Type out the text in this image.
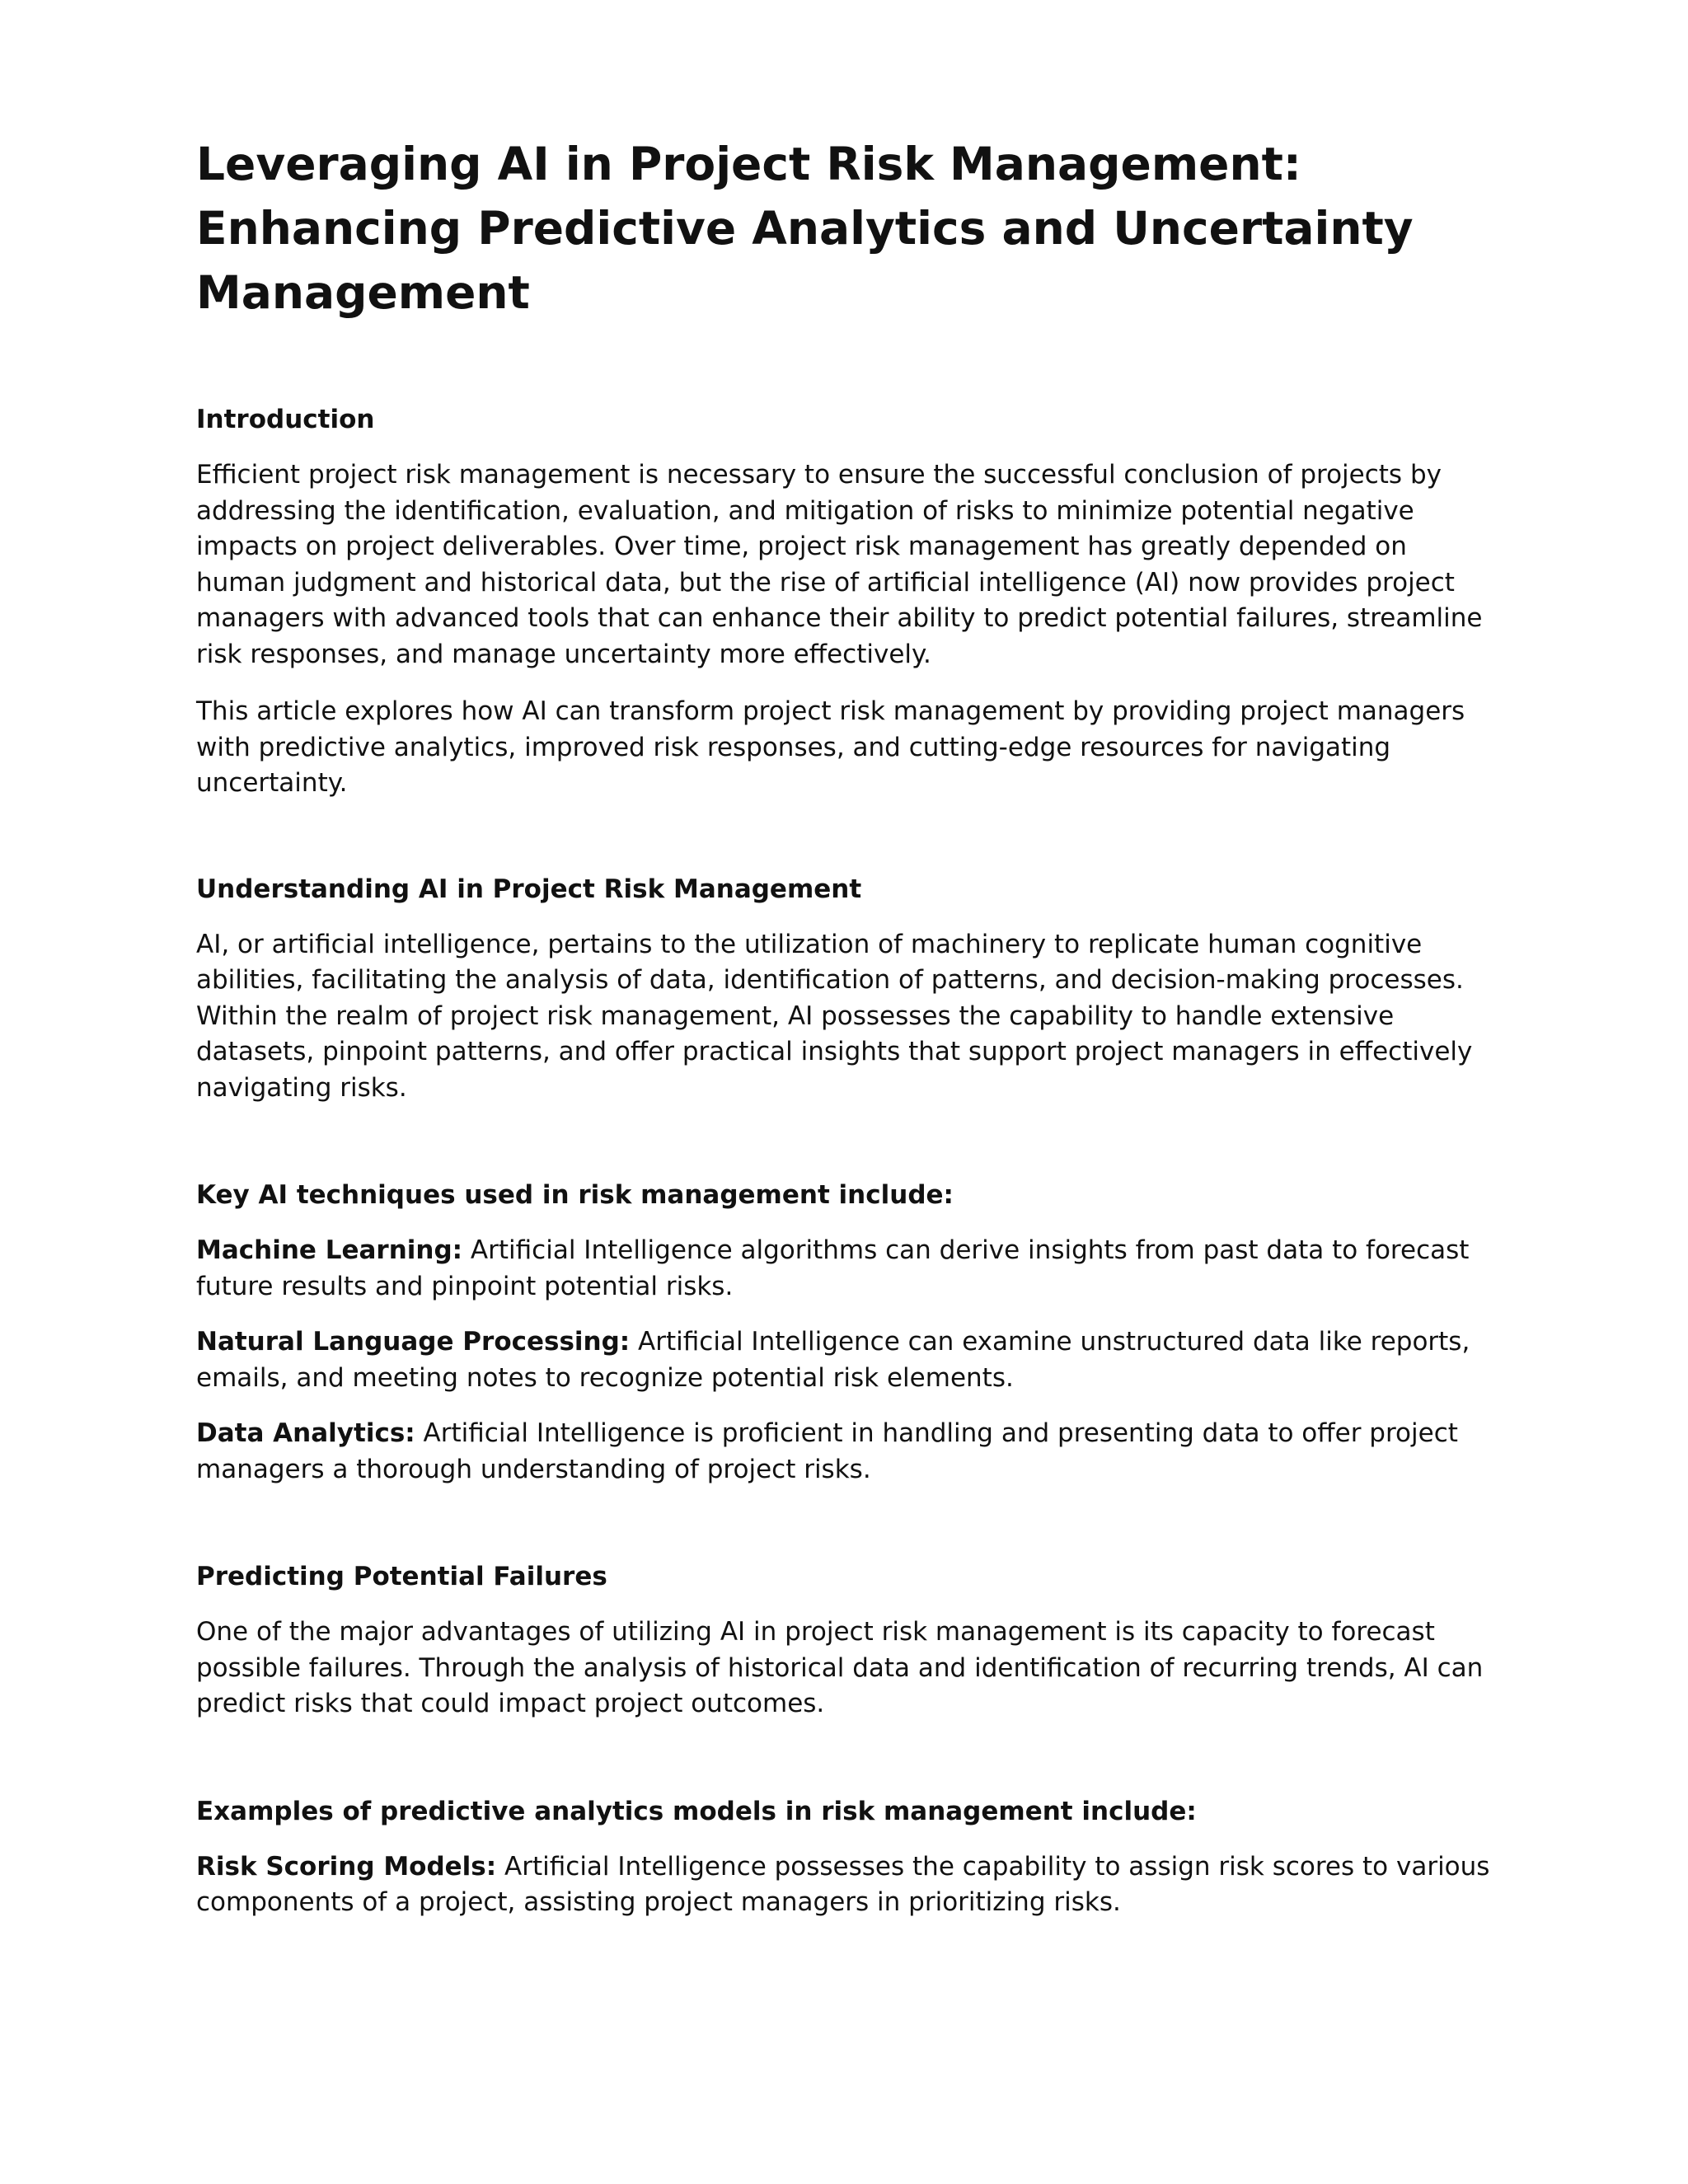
Leveraging AI in Project Risk Management: Enhancing Predictive Analytics and Uncertainty Management
Introduction

Efficient project risk management is necessary to ensure the successful conclusion of projects by addressing the identification, evaluation, and mitigation of risks to minimize potential negative impacts on project deliverables. Over time, project risk management has greatly depended on human judgment and historical data, but the rise of artificial intelligence (AI) now provides project managers with advanced tools that can enhance their ability to predict potential failures, streamline risk responses, and manage uncertainty more effectively.

This article explores how AI can transform project risk management by providing project managers with predictive analytics, improved risk responses, and cutting-edge resources for navigating uncertainty.

Understanding AI in Project Risk Management

AI, or artificial intelligence, pertains to the utilization of machinery to replicate human cognitive abilities, facilitating the analysis of data, identification of patterns, and decision-making processes. Within the realm of project risk management, AI possesses the capability to handle extensive datasets, pinpoint patterns, and offer practical insights that support project managers in effectively navigating risks.

Key AI techniques used in risk management include:

Machine Learning: Artificial Intelligence algorithms can derive insights from past data to forecast future results and pinpoint potential risks.

Natural Language Processing: Artificial Intelligence can examine unstructured data like reports, emails, and meeting notes to recognize potential risk elements.

Data Analytics: Artificial Intelligence is proficient in handling and presenting data to offer project managers a thorough understanding of project risks.

Predicting Potential Failures

One of the major advantages of utilizing AI in project risk management is its capacity to forecast possible failures. Through the analysis of historical data and identification of recurring trends, AI can predict risks that could impact project outcomes.

Examples of predictive analytics models in risk management include:

Risk Scoring Models: Artificial Intelligence possesses the capability to assign risk scores to various components of a project, assisting project managers in prioritizing risks.
